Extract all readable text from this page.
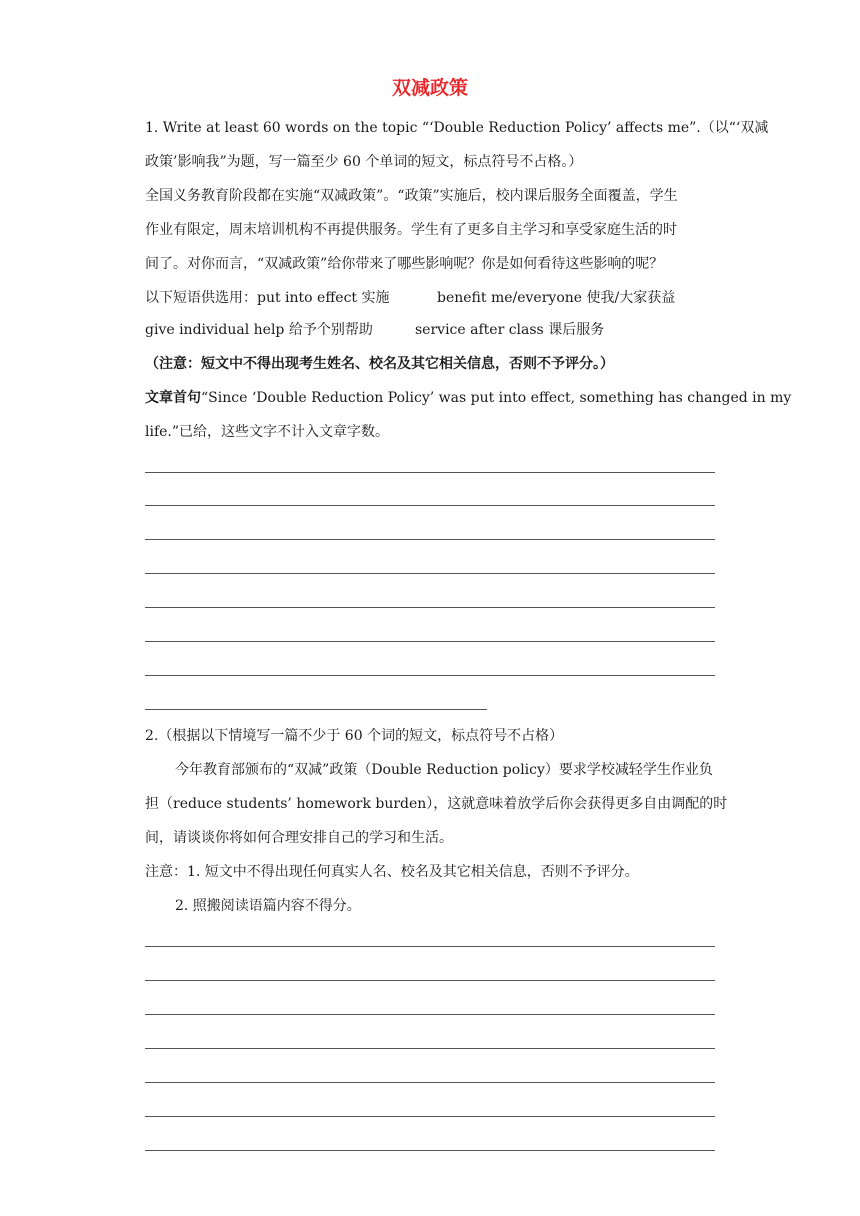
双减政策
1. Write at least 60 words on the topic “‘Double Reduction Policy’ affects me”.（以“‘双减
政策’影响我”为题，写一篇至少 60 个单词的短文，标点符号不占格。）
全国义务教育阶段都在实施“双减政策”。“政策”实施后，校内课后服务全面覆盖，学生
作业有限定，周末培训机构不再提供服务。学生有了更多自主学习和享受家庭生活的时
间了。对你而言，“双减政策”给你带来了哪些影响呢？你是如何看待这些影响的呢？
以下短语供选用：put into effect 实施	benefit me/everyone 使我/大家获益
give individual help 给予个别帮助	service after class 课后服务
（注意：短文中不得出现考生姓名、校名及其它相关信息，否则不予评分。）
文章首句“Since ‘Double Reduction Policy’ was put into effect, something has changed in my
life.”已给，这些文字不计入文章字数。
2.（根据以下情境写一篇不少于 60 个词的短文，标点符号不占格）
今年教育部颁布的“双减”政策（Double Reduction policy）要求学校减轻学生作业负
担（reduce students’ homework burden），这就意味着放学后你会获得更多自由调配的时
间，请谈谈你将如何合理安排自己的学习和生活。
注意：1. 短文中不得出现任何真实人名、校名及其它相关信息，否则不予评分。
2. 照搬阅读语篇内容不得分。
